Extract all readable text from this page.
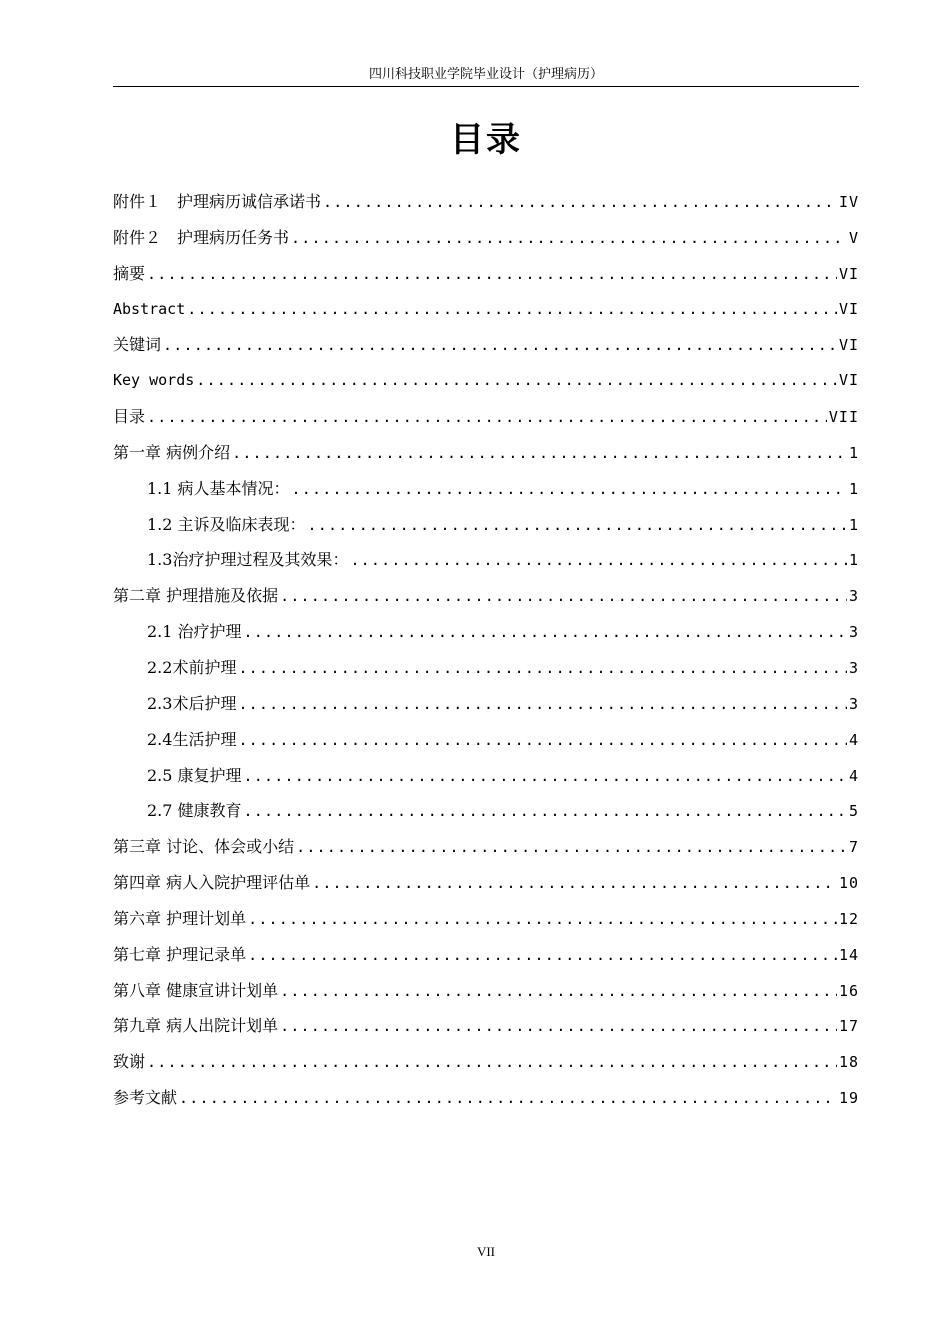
四川科技职业学院毕业设计（护理病历）
目录
附件１　护理病历诚信承诺书 .....	IV
附件２　护理病历任务书 .....	V
摘要 .....	VI
Abstract .....	VI
关键词 .....	VI
Key words .....	VI
目录 .....	VII
第一章 病例介绍 .....	1
1.1 病人基本情况： .....	1
1.2 主诉及临床表现： .....	1
1.3治疗护理过程及其效果： .....	1
第二章 护理措施及依据 .....	3
2.1 治疗护理 .....	3
2.2术前护理 .....	3
2.3术后护理 .....	3
2.4生活护理 .....	4
2.5 康复护理 .....	4
2.7 健康教育 .....	5
第三章 讨论、体会或小结 .....	7
第四章 病人入院护理评估单 .....	10
第六章 护理计划单 .....	12
第七章 护理记录单 .....	14
第八章 健康宣讲计划单 .....	16
第九章 病人出院计划单 .....	17
致谢 .....	18
参考文献 .....	19
VII
